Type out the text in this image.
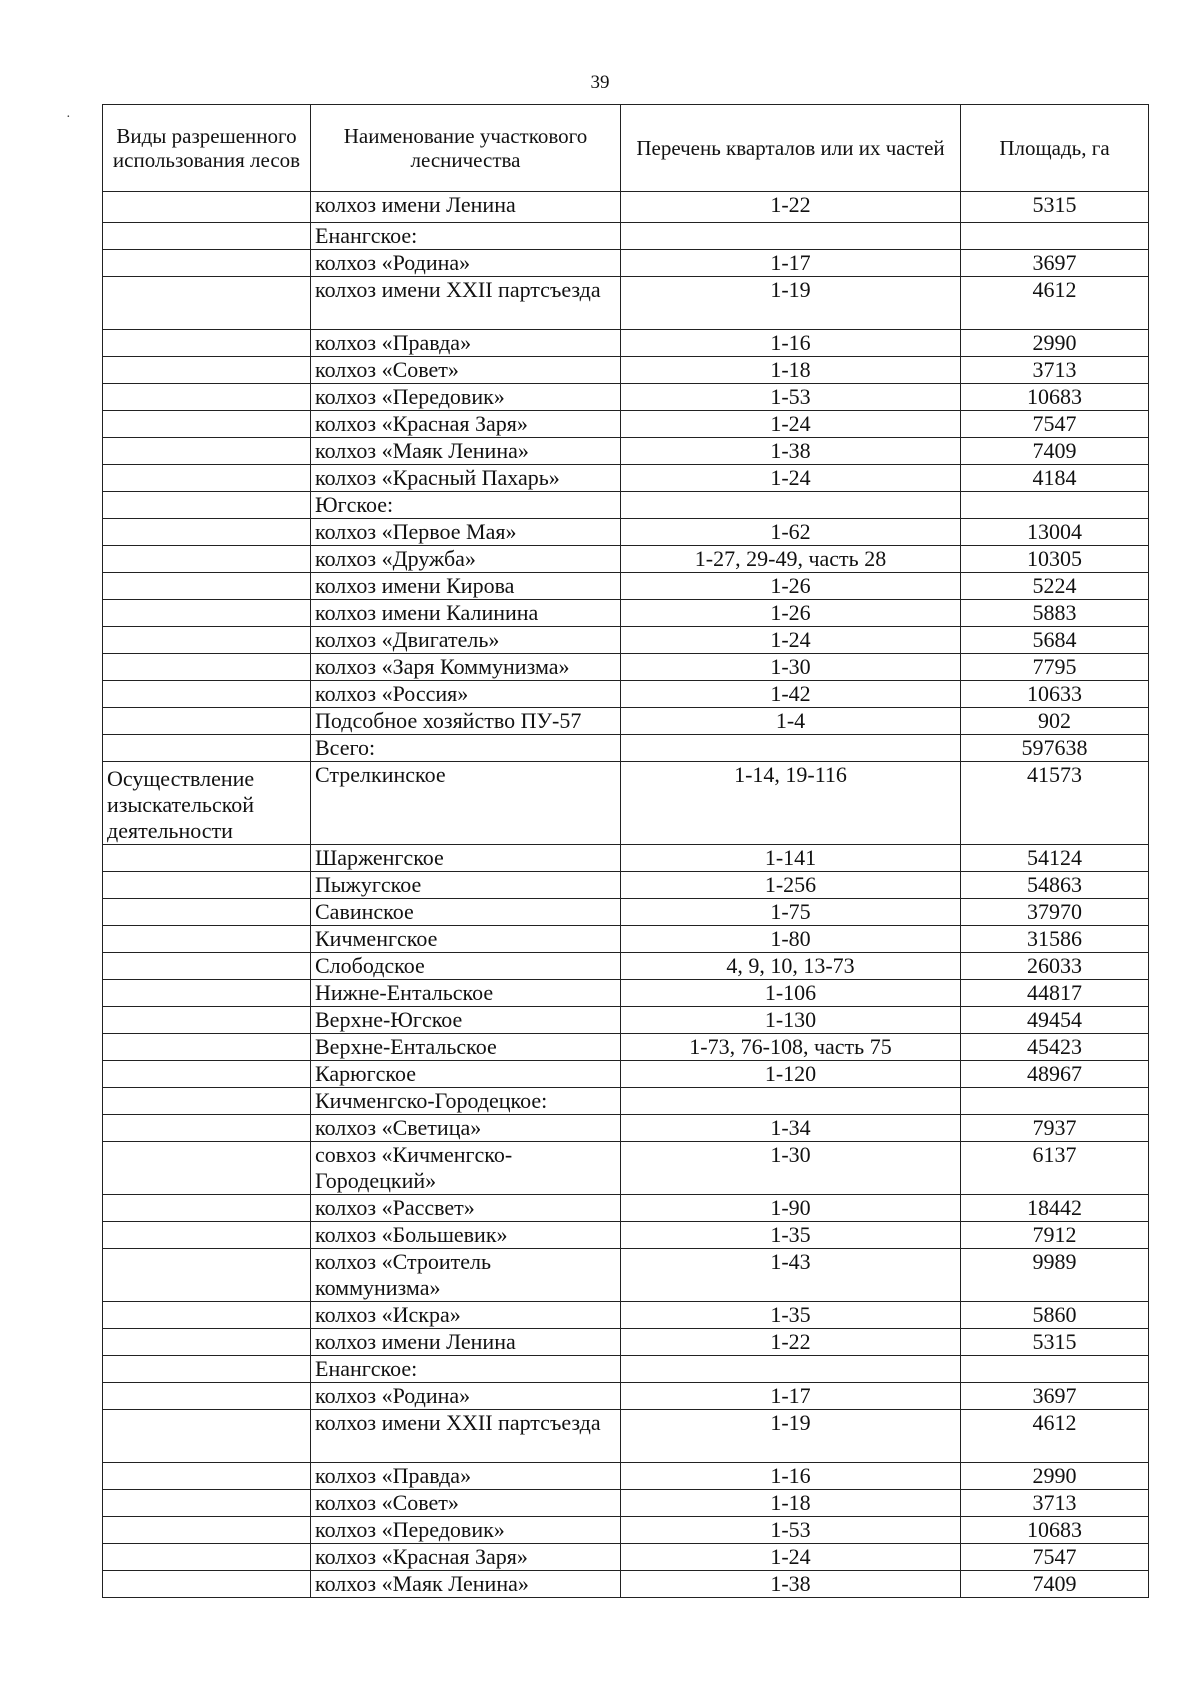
39
·
Виды разрешенного использования лесов	Наименование участкового лесничества	Перечень кварталов или их частей	Площадь, га
	колхоз имени Ленина	1-22	5315
	Енангское:		
	колхоз «Родина»	1-17	3697
	колхоз имени XXII партсъезда	1-19	4612
	колхоз «Правда»	1-16	2990
	колхоз «Совет»	1-18	3713
	колхоз «Передовик»	1-53	10683
	колхоз «Красная Заря»	1-24	7547
	колхоз «Маяк Ленина»	1-38	7409
	колхоз «Красный Пахарь»	1-24	4184
	Югское:		
	колхоз «Первое Мая»	1-62	13004
	колхоз «Дружба»	1-27, 29-49, часть 28	10305
	колхоз имени Кирова	1-26	5224
	колхоз имени Калинина	1-26	5883
	колхоз «Двигатель»	1-24	5684
	колхоз «Заря Коммунизма»	1-30	7795
	колхоз «Россия»	1-42	10633
	Подсобное хозяйство ПУ-57	1-4	902
	Всего:		597638
Осуществление изыскательской деятельности	Стрелкинское	1-14, 19-116	41573
	Шарженгское	1-141	54124
	Пыжугское	1-256	54863
	Савинское	1-75	37970
	Кичменгское	1-80	31586
	Слободское	4, 9, 10, 13-73	26033
	Нижне-Ентальское	1-106	44817
	Верхне-Югское	1-130	49454
	Верхне-Ентальское	1-73, 76-108, часть 75	45423
	Карюгское	1-120	48967
	Кичменгско-Городецкое:		
	колхоз «Светица»	1-34	7937
	совхоз «Кичменгско-Городецкий»	1-30	6137
	колхоз «Рассвет»	1-90	18442
	колхоз «Большевик»	1-35	7912
	колхоз «Строитель коммунизма»	1-43	9989
	колхоз «Искра»	1-35	5860
	колхоз имени Ленина	1-22	5315
	Енангское:		
	колхоз «Родина»	1-17	3697
	колхоз имени XXII партсъезда	1-19	4612
	колхоз «Правда»	1-16	2990
	колхоз «Совет»	1-18	3713
	колхоз «Передовик»	1-53	10683
	колхоз «Красная Заря»	1-24	7547
	колхоз «Маяк Ленина»	1-38	7409
